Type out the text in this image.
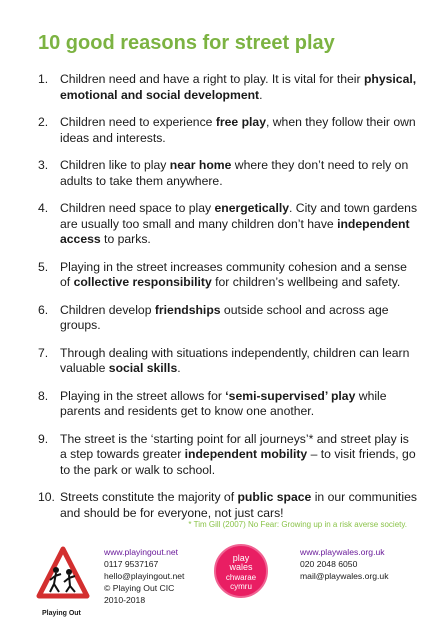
10 good reasons for street play
1. Children need and have a right to play. It is vital for their physical, emotional and social development.
2. Children need to experience free play, when they follow their own ideas and interests.
3. Children like to play near home where they don’t need to rely on adults to take them anywhere.
4. Children need space to play energetically. City and town gardens are usually too small and many children don’t have independent access to parks.
5. Playing in the street increases community cohesion and a sense of collective responsibility for children’s wellbeing and safety.
6. Children develop friendships outside school and across age groups.
7. Through dealing with situations independently, children can learn valuable social skills.
8. Playing in the street allows for ‘semi-supervised’ play while parents and residents get to know one another.
9. The street is the ‘starting point for all journeys’* and street play is a step towards greater independent mobility – to visit friends, go to the park or walk to school.
10. Streets constitute the majority of public space in our communities and should be for everyone, not just cars!
* Tim Gill (2007) No Fear: Growing up in a risk averse society.
Playing Out
www.playingout.net
0117 9537167
hello@playingout.net
© Playing Out CIC
2010-2018
play
wales
chwarae
cymru
www.playwales.org.uk
020 2048 6050
mail@playwales.org.uk
